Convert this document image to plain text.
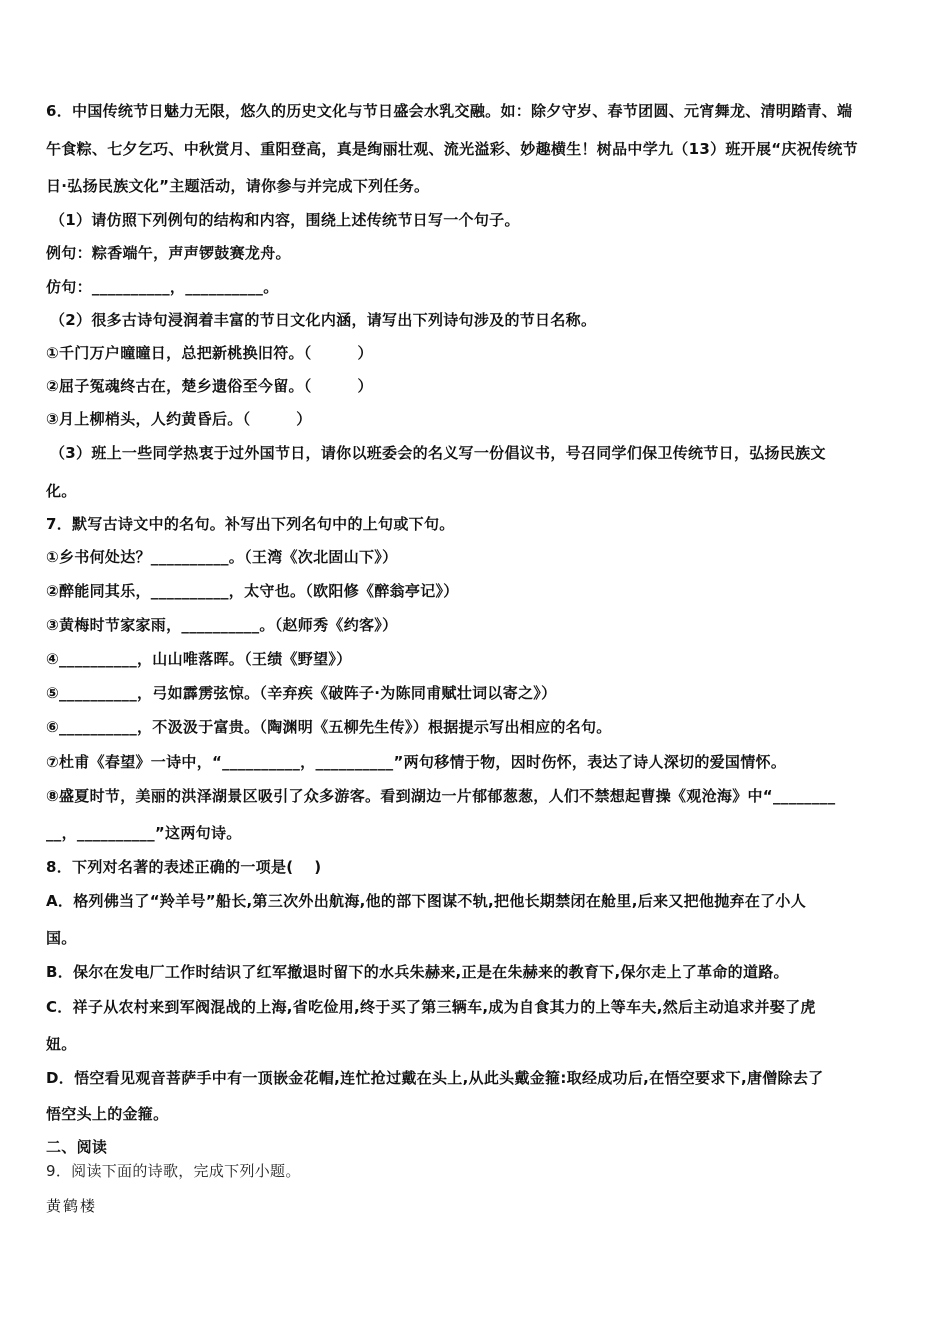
6．中国传统节日魅力无限，悠久的历史文化与节日盛会水乳交融。如：除夕守岁、春节团圆、元宵舞龙、清明踏青、端
午食粽、七夕乞巧、中秋赏月、重阳登高，真是绚丽壮观、流光溢彩、妙趣横生！树品中学九（13）班开展“庆祝传统节
日·弘扬民族文化”主题活动，请你参与并完成下列任务。
（1）请仿照下列例句的结构和内容，围绕上述传统节日写一个句子。
例句：粽香端午，声声锣鼓赛龙舟。
仿句：__________，__________。
（2）很多古诗句浸润着丰富的节日文化内涵，请写出下列诗句涉及的节日名称。
①千门万户曈曈日，总把新桃换旧符。（　　　）
②屈子冤魂终古在，楚乡遗俗至今留。（　　　）
③月上柳梢头，人约黄昏后。（　　　）
（3）班上一些同学热衷于过外国节日，请你以班委会的名义写一份倡议书，号召同学们保卫传统节日，弘扬民族文
化。
7．默写古诗文中的名句。补写出下列名句中的上句或下句。
①乡书何处达？__________。（王湾《次北固山下》）
②醉能同其乐，__________，太守也。（欧阳修《醉翁亭记》）
③黄梅时节家家雨，__________。（赵师秀《约客》）
④__________，山山唯落晖。（王绩《野望》）
⑤__________，弓如霹雳弦惊。（辛弃疾《破阵子·为陈同甫赋壮词以寄之》）
⑥__________，不汲汲于富贵。（陶渊明《五柳先生传》）根据提示写出相应的名句。
⑦杜甫《春望》一诗中，“__________，__________”两句移情于物，因时伤怀，表达了诗人深切的爱国情怀。
⑧盛夏时节，美丽的洪泽湖景区吸引了众多游客。看到湖边一片郁郁葱葱，人们不禁想起曹操《观沧海》中“________
__，__________”这两句诗。
8．下列对名著的表述正确的一项是(　 )
A．格列佛当了“羚羊号”船长,第三次外出航海,他的部下图谋不轨,把他长期禁闭在舱里,后来又把他抛弃在了小人
国。
B．保尔在发电厂工作时结识了红军撤退时留下的水兵朱赫来,正是在朱赫来的教育下,保尔走上了革命的道路。
C．祥子从农村来到军阀混战的上海,省吃俭用,终于买了第三辆车,成为自食其力的上等车夫,然后主动追求并娶了虎
妞。
D．悟空看见观音菩萨手中有一顶嵌金花帽,连忙抢过戴在头上,从此头戴金箍:取经成功后,在悟空要求下,唐僧除去了
悟空头上的金箍。
二、阅读
9．阅读下面的诗歌，完成下列小题。
黄鹤楼
